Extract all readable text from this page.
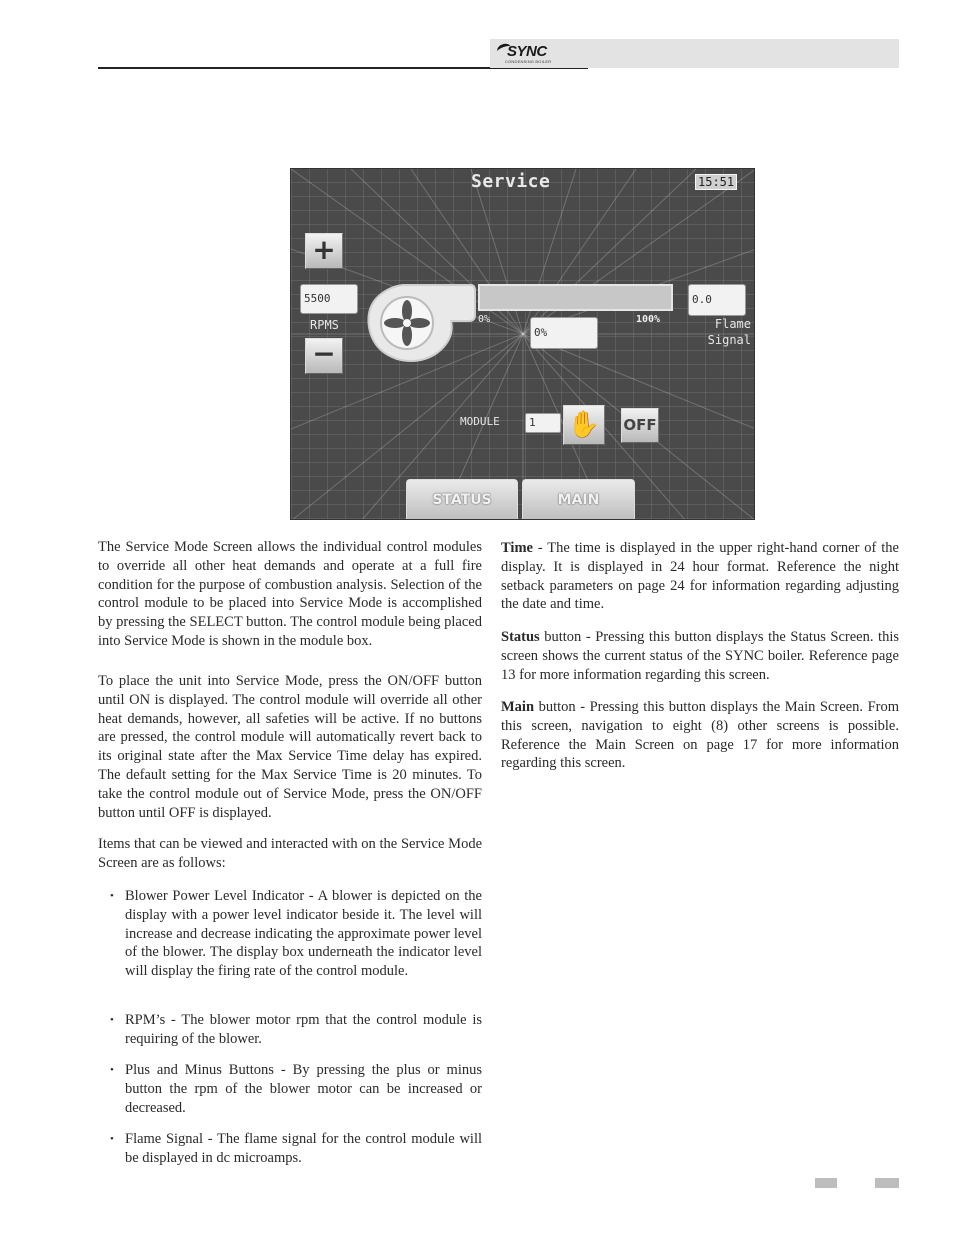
SYNC
CONDENSING BOILER
Service	15:51
+
5500
RPMS
−
0%	100%
0%
0.0
Flame
Signal
MODULE	1	✋	OFF
STATUS	MAIN

The Service Mode Screen allows the individual control modules to override all other heat demands and operate at a full fire condition for the purpose of combustion analysis. Selection of the control module to be placed into Service Mode is accomplished by pressing the SELECT button. The control module being placed into Service Mode is shown in the module box.

To place the unit into Service Mode, press the ON/OFF button until ON is displayed. The control module will override all other heat demands, however, all safeties will be active. If no buttons are pressed, the control module will automatically revert back to its original state after the Max Service Time delay has expired. The default setting for the Max Service Time is 20 minutes. To take the control module out of Service Mode, press the ON/OFF button until OFF is displayed.

Items that can be viewed and interacted with on the Service Mode Screen are as follows:

• Blower Power Level Indicator - A blower is depicted on the display with a power level indicator beside it. The level will increase and decrease indicating the approximate power level of the blower. The display box underneath the indicator level will display the firing rate of the control module.

• RPM’s - The blower motor rpm that the control module is requiring of the blower.

• Plus and Minus Buttons - By pressing the plus or minus button the rpm of the blower motor can be increased or decreased.

• Flame Signal - The flame signal for the control module will be displayed in dc microamps.

Time - The time is displayed in the upper right-hand corner of the display. It is displayed in 24 hour format. Reference the night setback parameters on page 24 for information regarding adjusting the date and time.

Status button - Pressing this button displays the Status Screen. this screen shows the current status of the SYNC boiler. Reference page 13 for more information regarding this screen.

Main button - Pressing this button displays the Main Screen. From this screen, navigation to eight (8) other screens is possible. Reference the Main Screen on page 17 for more information regarding this screen.
